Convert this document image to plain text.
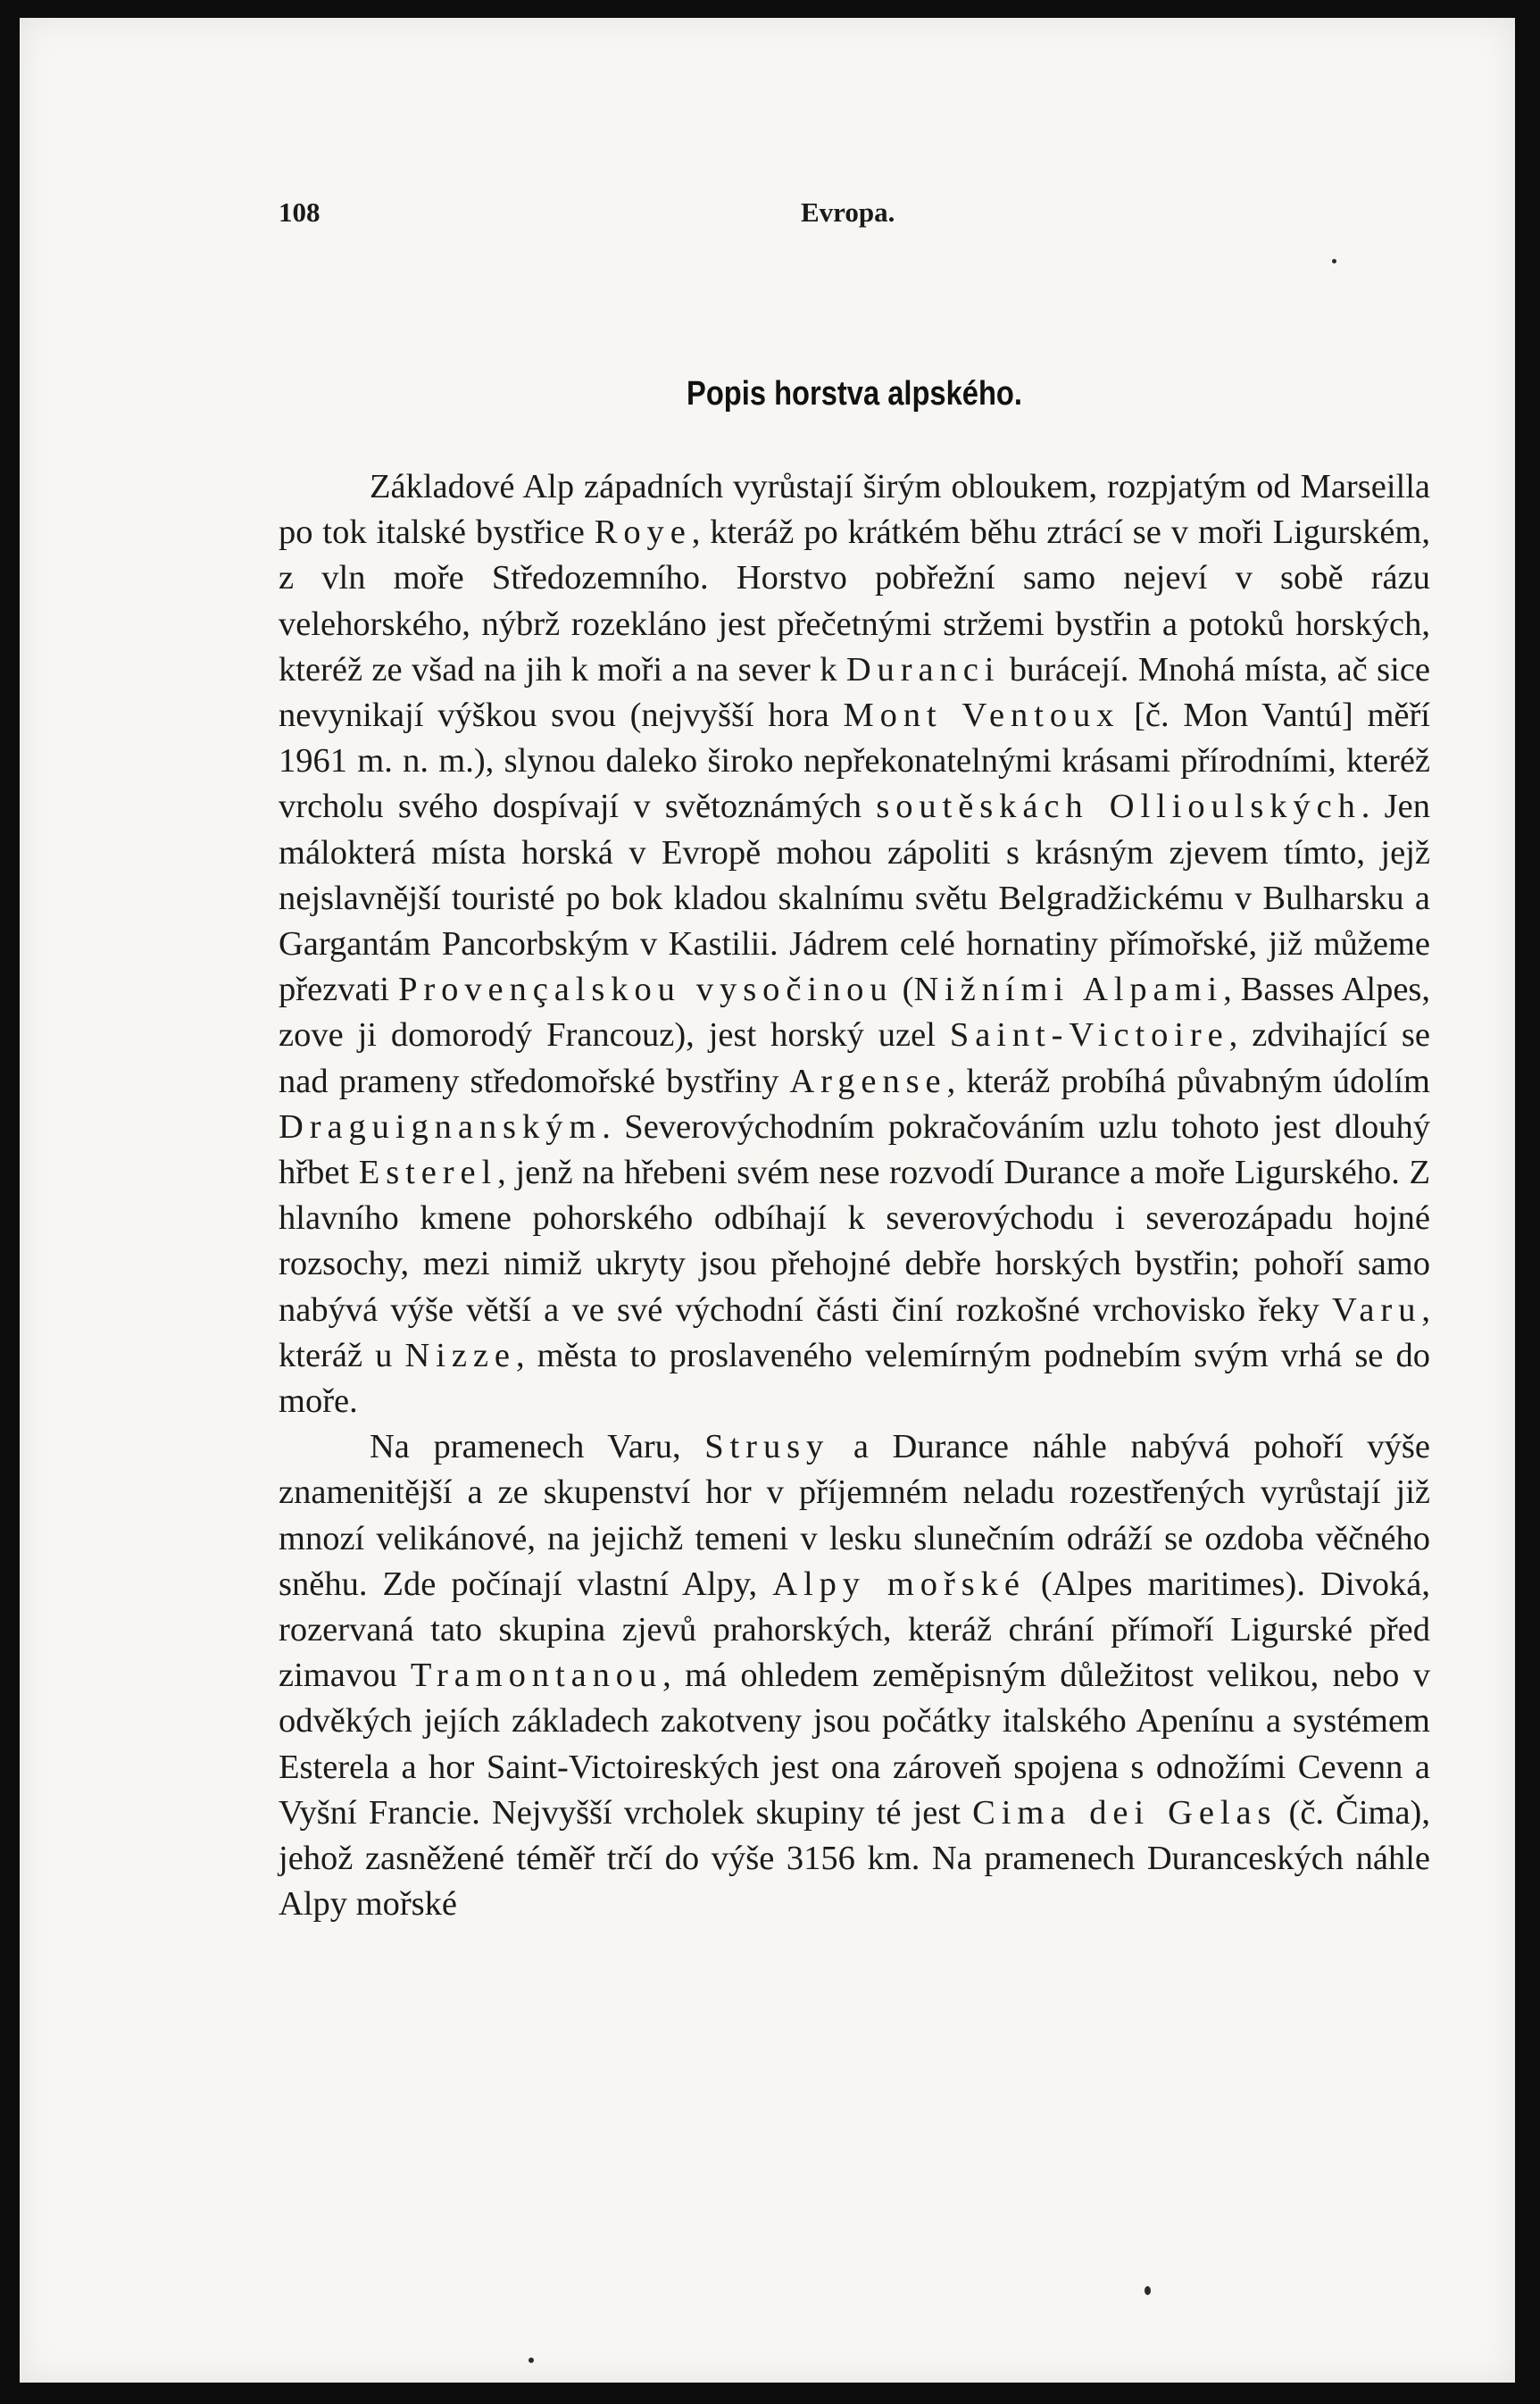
108	Evropa.
Popis horstva alpského.

Základové Alp západních vyrůstají širým obloukem, rozpjatým od Marseilla po tok italské bystřice Roye, kteráž po krátkém běhu ztrácí se v moři Ligurském, z vln moře Středozemního. Horstvo pobřežní samo nejeví v sobě rázu velehorského, nýbrž rozekláno jest přečetnými stržemi bystřin a potoků horských, kteréž ze všad na jih k moři a na sever k Duranci burácejí. Mnohá místa, ač sice nevynikají výškou svou (nejvyšší hora Mont Ventoux [č. Mon Vantú] měří 1961 m. n. m.), slynou daleko široko nepřekonatelnými krásami přírodními, kteréž vrcholu svého dospívají v světoznámých soutěskách Ollioulských. Jen málokterá místa horská v Evropě mohou zápoliti s krásným zjevem tímto, jejž nejslavnější touristé po bok kladou skalnímu světu Belgradžickému v Bulharsku a Gargantám Pancorbským v Kastilii. Jádrem celé hornatiny přímořské, již můžeme přezvati Provençalskou vysočinou (Nižními Alpami, Basses Alpes, zove ji domorodý Francouz), jest horský uzel Saint-Victoire, zdvihající se nad prameny středomořské bystřiny Argense, kteráž probíhá půvabným údolím Draguignanským. Severovýchodním pokračováním uzlu tohoto jest dlouhý hřbet Esterel, jenž na hřebeni svém nese rozvodí Durance a moře Ligurského. Z hlavního kmene pohorského odbíhají k severovýchodu i severozápadu hojné rozsochy, mezi nimiž ukryty jsou přehojné debře horských bystřin; pohoří samo nabývá výše větší a ve své východní části činí rozkošné vrchovisko řeky Varu, kteráž u Nizze, města to proslaveného velemírným podnebím svým vrhá se do moře.

Na pramenech Varu, Strusy a Durance náhle nabývá pohoří výše znamenitější a ze skupenství hor v příjemném neladu rozestřených vyrůstají již mnozí velikánové, na jejichž temeni v lesku slunečním odráží se ozdoba věčného sněhu. Zde počínají vlastní Alpy, Alpy mořské (Alpes maritimes). Divoká, rozervaná tato skupina zjevů prahorských, kteráž chrání přímoří Ligurské před zimavou Tramontanou, má ohledem zeměpisným důležitost velikou, nebo v odvěkých jejích základech zakotveny jsou počátky italského Apenínu a systémem Esterela a hor Saint-Victoireských jest ona zároveň spojena s odnožími Cevenn a Vyšní Francie. Nejvyšší vrcholek skupiny té jest Cima dei Gelas (č. Čima), jehož zasněžené téměř trčí do výše 3156 km. Na pramenech Duranceských náhle Alpy mořské
